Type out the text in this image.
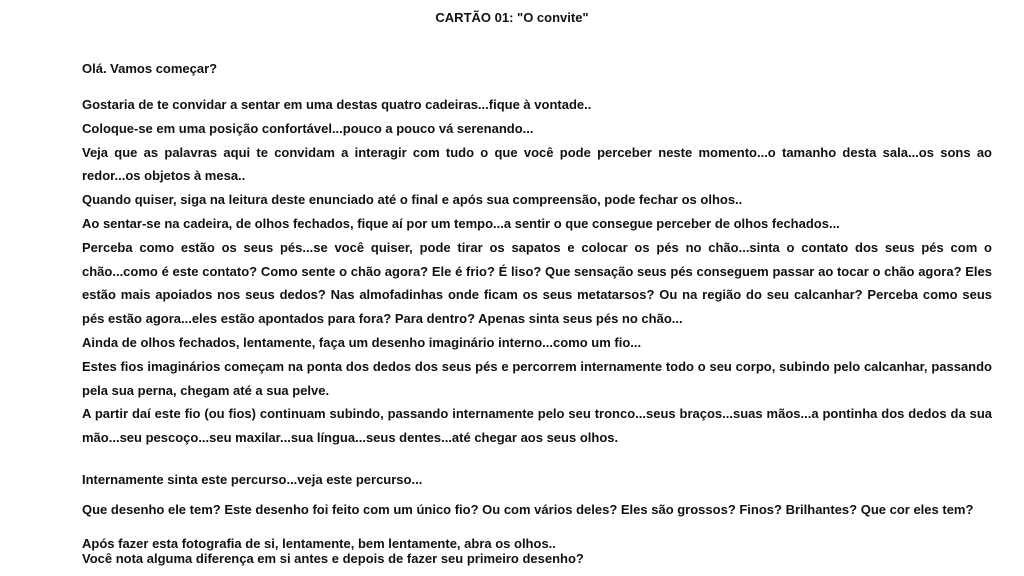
CARTÃO 01: "O convite"

Olá. Vamos começar?

Gostaria de te convidar a sentar em uma destas quatro cadeiras...fique à vontade..

Coloque-se em uma posição confortável...pouco a pouco vá serenando...

Veja que as palavras aqui te convidam a interagir com tudo o que você pode perceber neste momento...o tamanho desta sala...os sons ao redor...os objetos à mesa..

Quando quiser, siga na leitura deste enunciado até o final e após sua compreensão, pode fechar os olhos..

Ao sentar-se na cadeira, de olhos fechados, fique aí por um tempo...a sentir o que consegue perceber de olhos fechados...

Perceba como estão os seus pés...se você quiser, pode tirar os sapatos e colocar os pés no chão...sinta o contato dos seus pés com o chão...como é este contato? Como sente o chão agora? Ele é frio? É liso? Que sensação seus pés conseguem passar ao tocar o chão agora? Eles estão mais apoiados nos seus dedos? Nas almofadinhas onde ficam os seus metatarsos? Ou na região do seu calcanhar? Perceba como seus pés estão agora...eles estão apontados para fora? Para dentro? Apenas sinta seus pés no chão...

Ainda de olhos fechados, lentamente, faça um desenho imaginário interno...como um fio...

Estes fios imaginários começam na ponta dos dedos dos seus pés e percorrem internamente todo o seu corpo, subindo pelo calcanhar, passando pela sua perna, chegam até a sua pelve.

A partir daí este fio (ou fios) continuam subindo, passando internamente pelo seu tronco...seus braços...suas mãos...a pontinha dos dedos da sua mão...seu pescoço...seu maxilar...sua língua...seus dentes...até chegar aos seus olhos.

Internamente sinta este percurso...veja este percurso...

Que desenho ele tem? Este desenho foi feito com um único fio? Ou com vários deles? Eles são grossos? Finos? Brilhantes? Que cor eles tem?

Após fazer esta fotografia de si, lentamente, bem lentamente, abra os olhos..

Você nota alguma diferença em si antes e depois de fazer seu primeiro desenho?
